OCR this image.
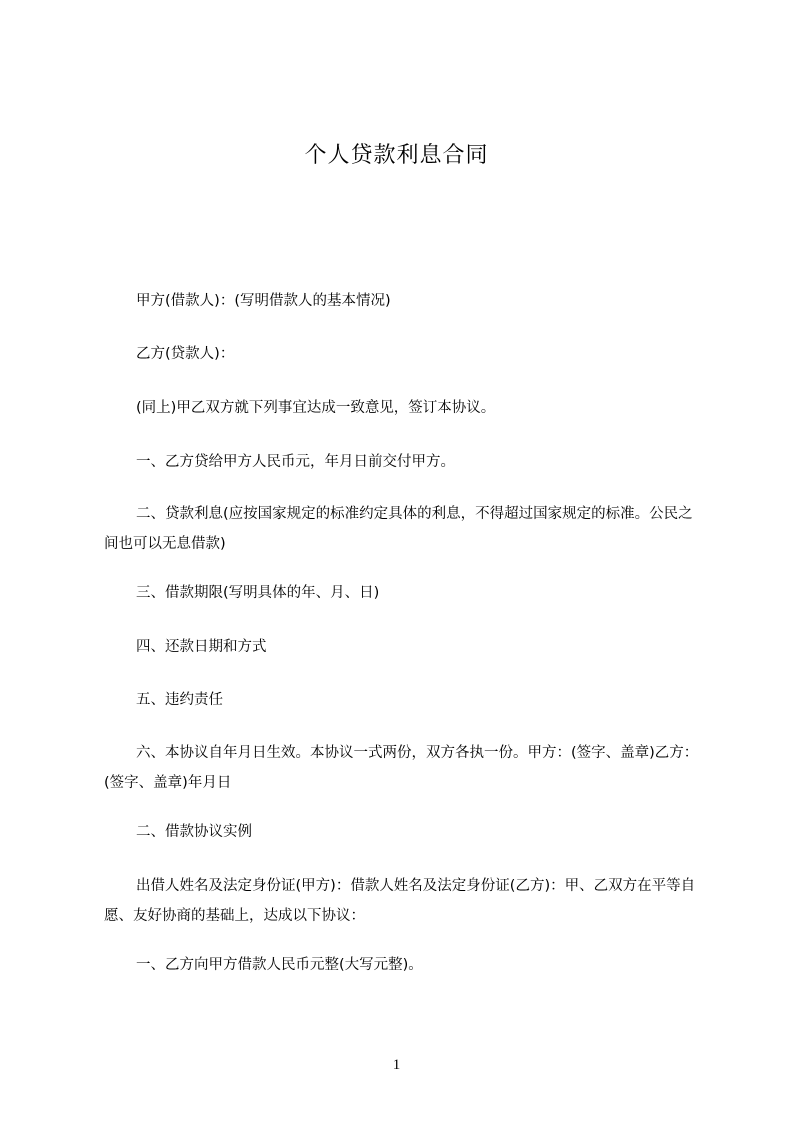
个人贷款利息合同

甲方(借款人)：(写明借款人的基本情况)

乙方(贷款人)：

(同上)甲乙双方就下列事宜达成一致意见，签订本协议。

一、乙方贷给甲方人民币元，年月日前交付甲方。

二、贷款利息(应按国家规定的标准约定具体的利息，不得超过国家规定的标准。公民之间也可以无息借款)

三、借款期限(写明具体的年、月、日)

四、还款日期和方式

五、违约责任

六、本协议自年月日生效。本协议一式两份，双方各执一份。甲方：(签字、盖章)乙方：(签字、盖章)年月日

二、借款协议实例

出借人姓名及法定身份证(甲方)：借款人姓名及法定身份证(乙方)：甲、乙双方在平等自愿、友好协商的基础上，达成以下协议：

一、乙方向甲方借款人民币元整(大写元整)。

1
